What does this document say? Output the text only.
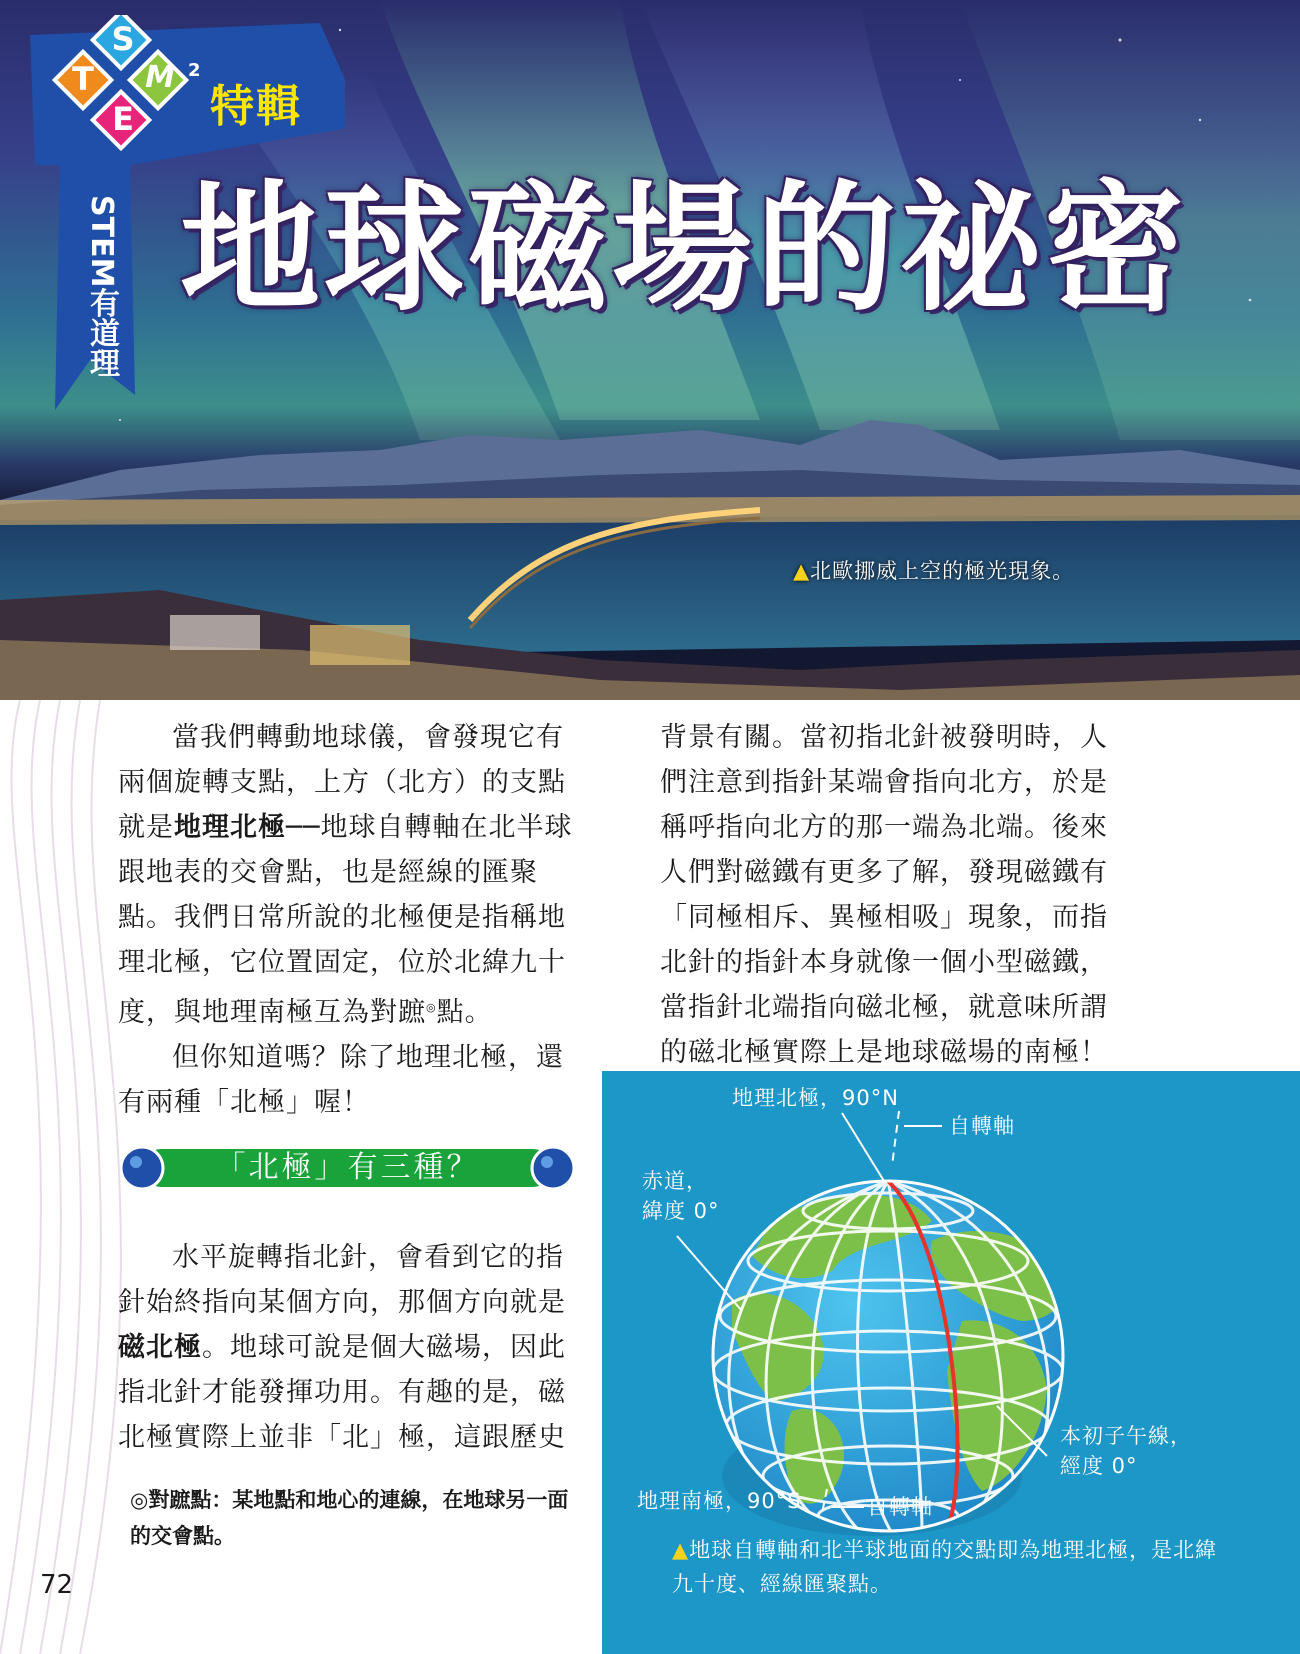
S
T M
E
2
特輯
STEM有道理 地球磁場的祕密
▲北歐挪威上空的極光現象。

當我們轉動地球儀，會發現它有兩個旋轉支點，上方（北方）的支點就是地理北極──地球自轉軸在北半球跟地表的交會點，也是經線的匯聚點。我們日常所說的北極便是指稱地理北極，它位置固定，位於北緯九十度，與地理南極互為對蹠◎點。

但你知道嗎？除了地理北極，還有兩種「北極」喔！

「北極」有三種？

水平旋轉指北針，會看到它的指針始終指向某個方向，那個方向就是磁北極。地球可說是個大磁場，因此指北針才能發揮功用。有趣的是，磁北極實際上並非「北」極，這跟歷史

◎對蹠點：某地點和地心的連線，在地球另一面的交會點。

背景有關。當初指北針被發明時，人們注意到指針某端會指向北方，於是稱呼指向北方的那一端為北端。後來人們對磁鐵有更多了解，發現磁鐵有「同極相斥、異極相吸」現象，而指北針的指針本身就像一個小型磁鐵，當指針北端指向磁北極，就意味所謂的磁北極實際上是地球磁場的南極！

地理北極，90°N
自轉軸
赤道，
緯度 0°
本初子午線，
經度 0°
地理南極，90°S	自轉軸
▲地球自轉軸和北半球地面的交點即為地理北極，是北緯九十度、經線匯聚點。
72
